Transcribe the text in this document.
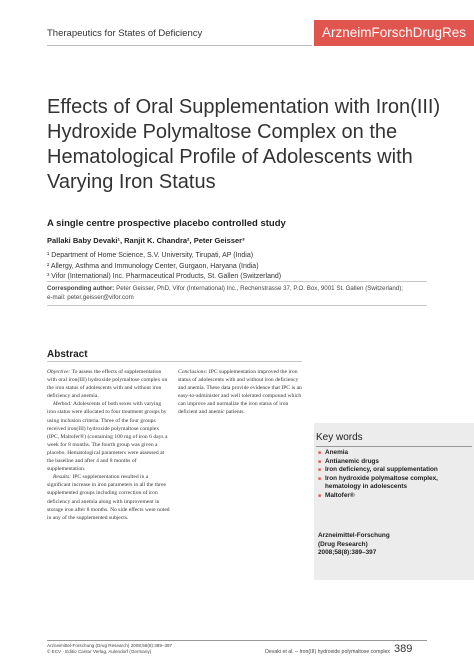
Therapeutics for States of Deficiency	ArzneimForschDrugRes
Effects of Oral Supplementation with Iron(III) Hydroxide Polymaltose Complex on the Hematological Profile of Adolescents with Varying Iron Status
A single centre prospective placebo controlled study
Pallaki Baby Devaki¹, Ranjit K. Chandra², Peter Geisser³
¹ Department of Home Science, S.V. University, Tirupati, AP (India)
² Allergy, Asthma and Immunology Center, Gurgaon, Haryana (India)
³ Vifor (International) Inc. Pharmaceutical Products, St. Gallen (Switzerland)
Corresponding author: Peter Geisser, PhD, Vifor (International) Inc., Rechenstrasse 37, P.O. Box, 9001 St. Gallen (Switzerland);
e-mail: peter.geisser@vifor.com
Abstract

Objective: To assess the effects of supplementation with oral iron(III) hydroxide polymaltose complex on the iron status of adolescents with and without iron deficiency and anemia.

Method: Adolescents of both sexes with varying iron status were allocated to four treatment groups by using inclusion criteria. Three of the four groups received iron(III) hydroxide polymaltose complex (IPC, Maltofer®) (containing 100 mg of iron 6 days a week for 8 months. The fourth group was given a placebo. Hematological parameters were assessed at the baseline and after 4 and 8 months of supplementation.

Results: IPC supplementation resulted in a significant increase in iron parameters in all the three supplemented groups including correction of iron deficiency and anemia along with improvement in storage iron after 8 months. No side effects were noted in any of the supplemented subjects.

Conclusions: IPC supplementation improved the iron status of adolescents with and without iron deficiency and anemia. These data provide evidence that IPC is an easy-to-administer and well tolerated compound which can improve and normalize the iron status of iron deficient and anemic patients.

Key words
■ Anemia
■ Antianemic drugs
■ Iron deficiency, oral supplementation
■ Iron hydroxide polymaltose complex, hematology in adolescents
■ Maltofer®
Arzneimittel-Forschung
(Drug Research)
2008;58(8):389–397
Arzneimittel-Forschung (Drug Research) 2008;58(8):389–397
© ECV · Editio Cantor Verlag, Aulendorf (Germany)	Devaki et al. – Iron(III) hydroxide polymaltose complex 389
